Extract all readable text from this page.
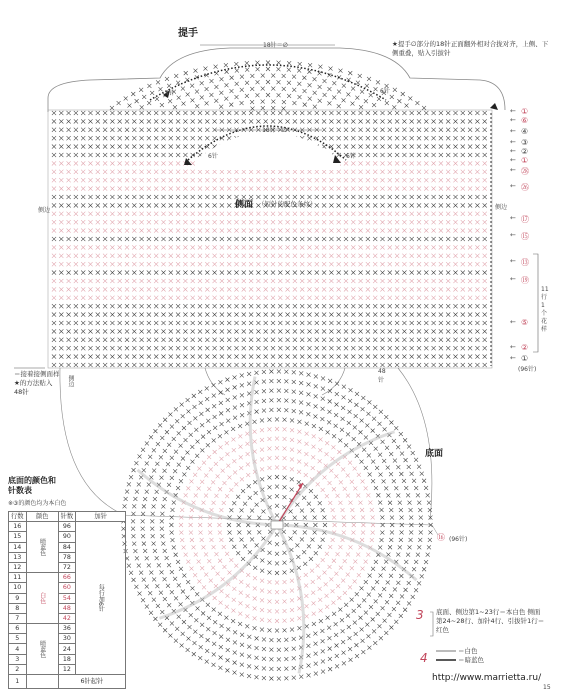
提手
18针＝∅
4针	6针
18针＝∅
6针	6针
★提手∅部分的18针正面翻外相对合拢对齐，上侧、下侧重叠，贴入引拔针
侧面 （短针的配色条纹）
侧边	侧边
＝接着接侧面样★的方法贴入48针
侧边
48针
(96针)
11行1个花样
底面
⑯ (96针)
①
←
⑥
←
④
←
③
←
②
←
①
←
㉘
←
㉖
←
⑰
←
⑮
←
⑬
←
⑲
←
⑤
←
②
←
①
←
底面的颜色和
针数表
※③的颜色均为本白色
行数	颜色	针数	加针
16	暗蓝色	96	每行加6针
15		90	
14		84	
13		78	
12		72	
11	白色	66	
10		60	
9		54	
8		48	
7		42	
6	暗蓝色	36	
5		30	
4		24	
3		18	
2		12	
1		6针起针	
3 底面、侧边第1~23行＝本白色 侧面第24~28行、加针4行、引拔针1行＝红色
4	＝白色
＝暗蓝色
http://www.marrietta.ru/
15
